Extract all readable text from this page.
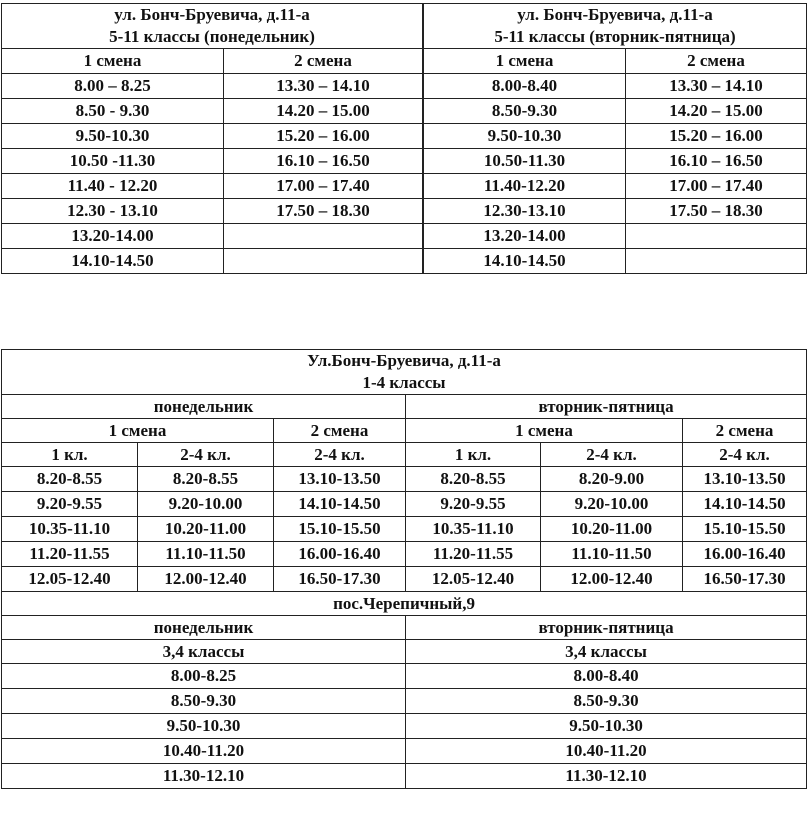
ул. Бонч-Бруевича, д.11-а
5-11 классы (понедельник)	

1 смена	2 смена
8.00 – 8.25	13.30 – 14.10
8.50 - 9.30	14.20 – 15.00
9.50-10.30	15.20 – 16.00
10.50 -11.30	16.10 – 16.50
11.40 - 12.20	17.00 – 17.40
12.30 - 13.10	17.50 – 18.30
13.20-14.00	
14.10-14.50	
ул. Бонч-Бруевича, д.11-а
5-11 классы (вторник-пятница)	

1 смена	2 смена
8.00-8.40	13.30 – 14.10
8.50-9.30	14.20 – 15.00
9.50-10.30	15.20 – 16.00
10.50-11.30	16.10 – 16.50
11.40-12.20	17.00 – 17.40
12.30-13.10	17.50 – 18.30
13.20-14.00	
14.10-14.50	
Ул.Бонч-Бруевича, д.11-а
1-4 классы					

понедельник			вторник-пятница		
1 смена		2 смена	1 смена		2 смена
1 кл.	2-4 кл.	2-4 кл.	1 кл.	2-4 кл.	2-4 кл.
8.20-8.55	8.20-8.55	13.10-13.50	8.20-8.55	8.20-9.00	13.10-13.50
9.20-9.55	9.20-10.00	14.10-14.50	9.20-9.55	9.20-10.00	14.10-14.50
10.35-11.10	10.20-11.00	15.10-15.50	10.35-11.10	10.20-11.00	15.10-15.50
11.20-11.55	11.10-11.50	16.00-16.40	11.20-11.55	11.10-11.50	16.00-16.40
12.05-12.40	12.00-12.40	16.50-17.30	12.05-12.40	12.00-12.40	16.50-17.30
пос.Черепичный,9					
понедельник			вторник-пятница		
3,4 классы			3,4 классы		
8.00-8.25			8.00-8.40		
8.50-9.30			8.50-9.30		
9.50-10.30			9.50-10.30		
10.40-11.20			10.40-11.20		
11.30-12.10			11.30-12.10		
